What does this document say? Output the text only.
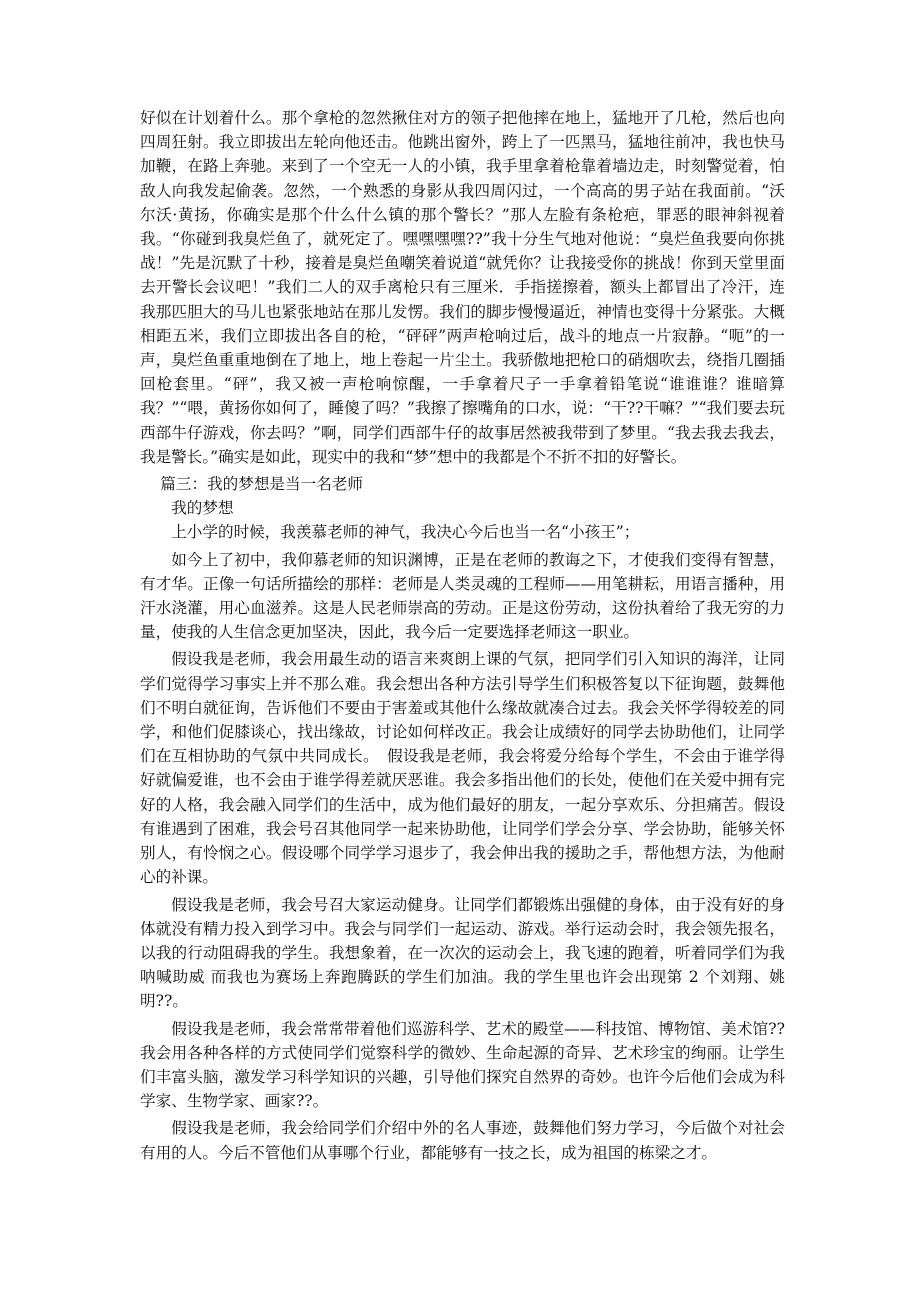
好似在计划着什么。那个拿枪的忽然揪住对方的领子把他摔在地上，猛地开了几枪，然后也向四周狂射。我立即拔出左轮向他还击。他跳出窗外，跨上了一匹黑马，猛地往前冲，我也快马加鞭，在路上奔驰。来到了一个空无一人的小镇，我手里拿着枪靠着墙边走，时刻警觉着，怕敌人向我发起偷袭。忽然，一个熟悉的身影从我四周闪过，一个高高的男子站在我面前。“沃尔沃·黄扬，你确实是那个什么什么镇的那个警长？”那人左脸有条枪疤，罪恶的眼神斜视着我。“你碰到我臭烂鱼了，就死定了。嘿嘿嘿嘿??”我十分生气地对他说：“臭烂鱼我要向你挑战！”先是沉默了十秒，接着是臭烂鱼嘲笑着说道“就凭你？让我接受你的挑战！你到天堂里面去开警长会议吧！”我们二人的双手离枪只有三厘米．手指搓擦着，额头上都冒出了冷汗，连我那匹胆大的马儿也紧张地站在那儿发愣。我们的脚步慢慢逼近，神情也变得十分紧张。大概相距五米，我们立即拔出各自的枪，“砰砰”两声枪响过后，战斗的地点一片寂静。“呃”的一声，臭烂鱼重重地倒在了地上，地上卷起一片尘土。我骄傲地把枪口的硝烟吹去，绕指几圈插回枪套里。“砰”，我又被一声枪响惊醒，一手拿着尺子一手拿着铅笔说“谁谁谁？谁暗算我？”“喂，黄扬你如何了，睡傻了吗？”我擦了擦嘴角的口水，说：“干??干嘛？”“我们要去玩西部牛仔游戏，你去吗？”啊，同学们西部牛仔的故事居然被我带到了梦里。“我去我去我去，我是警长。”确实是如此，现实中的我和“梦”想中的我都是个不折不扣的好警长。

篇三：我的梦想是当一名老师

我的梦想

上小学的时候，我羡慕老师的神气，我决心今后也当一名“小孩王”；

如今上了初中，我仰慕老师的知识渊博，正是在老师的教诲之下，才使我们变得有智慧，有才华。正像一句话所描绘的那样：老师是人类灵魂的工程师——用笔耕耘，用语言播种，用汗水浇灌，用心血滋养。这是人民老师崇高的劳动。正是这份劳动，这份执着给了我无穷的力量，使我的人生信念更加坚决，因此，我今后一定要选择老师这一职业。

假设我是老师，我会用最生动的语言来爽朗上课的气氛，把同学们引入知识的海洋，让同学们觉得学习事实上并不那么难。我会想出各种方法引导学生们积极答复以下征询题，鼓舞他们不明白就征询，告诉他们不要由于害羞或其他什么缘故就凑合过去。我会关怀学得较差的同学，和他们促膝谈心，找出缘故，讨论如何样改正。我会让成绩好的同学去协助他们，让同学们在互相协助的气氛中共同成长。　假设我是老师，我会将爱分给每个学生，不会由于谁学得好就偏爱谁，也不会由于谁学得差就厌恶谁。我会多指出他们的长处，使他们在关爱中拥有完好的人格，我会融入同学们的生活中，成为他们最好的朋友，一起分享欢乐、分担痛苦。假设有谁遇到了困难，我会号召其他同学一起来协助他，让同学们学会分享、学会协助，能够关怀别人，有怜悯之心。假设哪个同学学习退步了，我会伸出我的援助之手，帮他想方法，为他耐心的补课。

假设我是老师，我会号召大家运动健身。让同学们都锻炼出强健的身体，由于没有好的身体就没有精力投入到学习中。我会与同学们一起运动、游戏。举行运动会时，我会领先报名，以我的行动阻碍我的学生。我想象着，在一次次的运动会上，我飞速的跑着，听着同学们为我呐喊助威 而我也为赛场上奔跑腾跃的学生们加油。我的学生里也许会出现第 2 个刘翔、姚明??。

假设我是老师，我会常常带着他们巡游科学、艺术的殿堂——科技馆、博物馆、美术馆??我会用各种各样的方式使同学们觉察科学的微妙、生命起源的奇异、艺术珍宝的绚丽。让学生们丰富头脑，激发学习科学知识的兴趣，引导他们探究自然界的奇妙。也许今后他们会成为科学家、生物学家、画家??。

假设我是老师，我会给同学们介绍中外的名人事迹，鼓舞他们努力学习，今后做个对社会有用的人。今后不管他们从事哪个行业，都能够有一技之长，成为祖国的栋梁之才。
